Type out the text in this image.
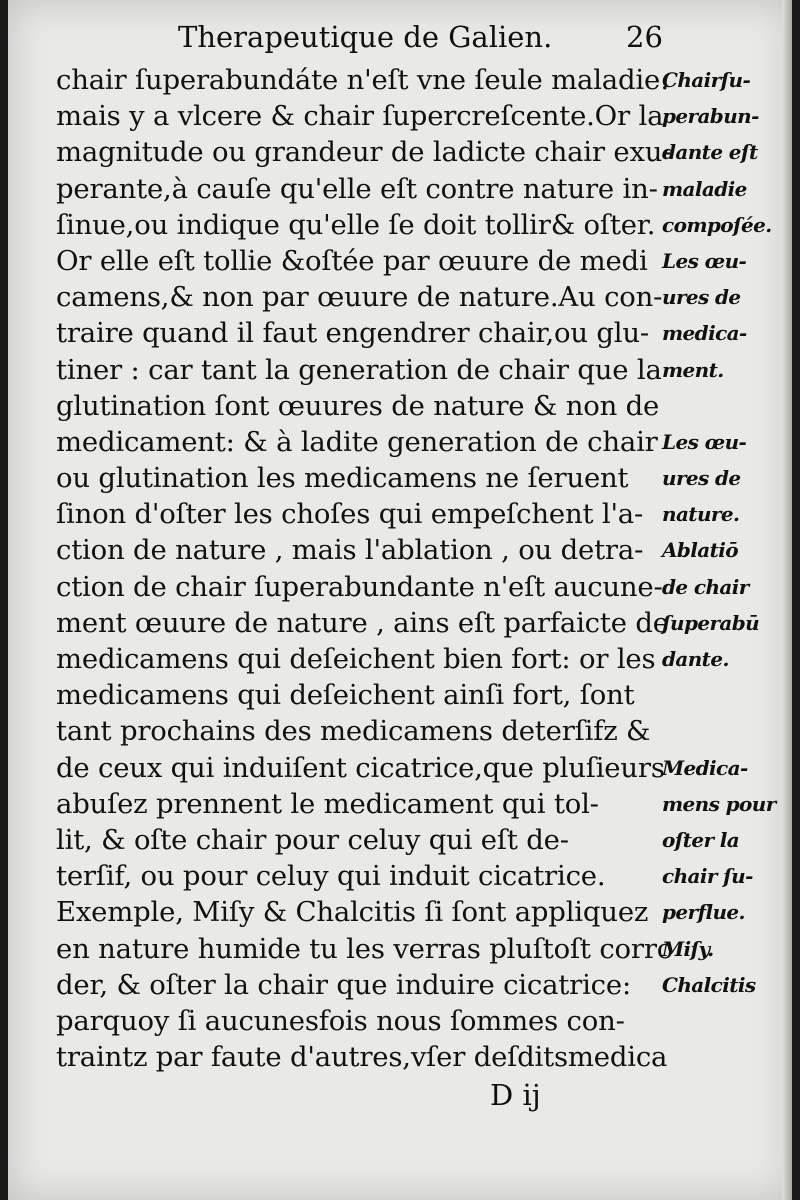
Therapeutique de Galien.	26
chair ſuperabundáte n'eſt vne ſeule maladie:
mais y a vlcere & chair ſupercreſcente.Or la
magnitude ou grandeur de ladicte chair exu-
perante,à cauſe qu'elle eſt contre nature in-
ſinue,ou indique qu'elle ſe doit tollir& oſter.
Or elle eſt tollie &oſtée par œuure de medi
camens,& non par œuure de nature.Au con-
traire quand il faut engendrer chair,ou glu-
tiner : car tant la generation de chair que la
glutination ſont œuures de nature & non de
medicament: & à ladite generation de chair
ou glutination les medicamens ne ſeruent
ſinon d'oſter les choſes qui empeſchent l'a-
ction de nature , mais l'ablation , ou detra-
ction de chair ſuperabundante n'eſt aucune-
ment œuure de nature , ains eſt parfaicte de
medicamens qui deſeichent bien fort: or les
medicamens qui deſeichent ainſi fort, ſont
tant prochains des medicamens deterſifz &
de ceux qui induiſent cicatrice,que pluſieurs
abuſez prennent le medicament qui tol-
lit, & oſte chair pour celuy qui eſt de-
terſif, ou pour celuy qui induit cicatrice.
Exemple, Miſy & Chalcitis ſi ſont appliquez
en nature humide tu les verras pluſtoſt corro
der, & oſter la chair que induire cicatrice:
parquoy ſi aucunesfois nous ſommes con-
traintz par faute d'autres,vſer deſditsmedica
Chairſu-
perabun-
dante eſt
maladie
compoſée.
Les œu-
ures de
medica-
ment.
Les œu-
ures de
nature.
Ablatiō
de chair
ſuperabū
dante.
Medica-
mens pour
oſter la
chair ſu-
perflue.
Miſy.
Chalcitis
D ij
